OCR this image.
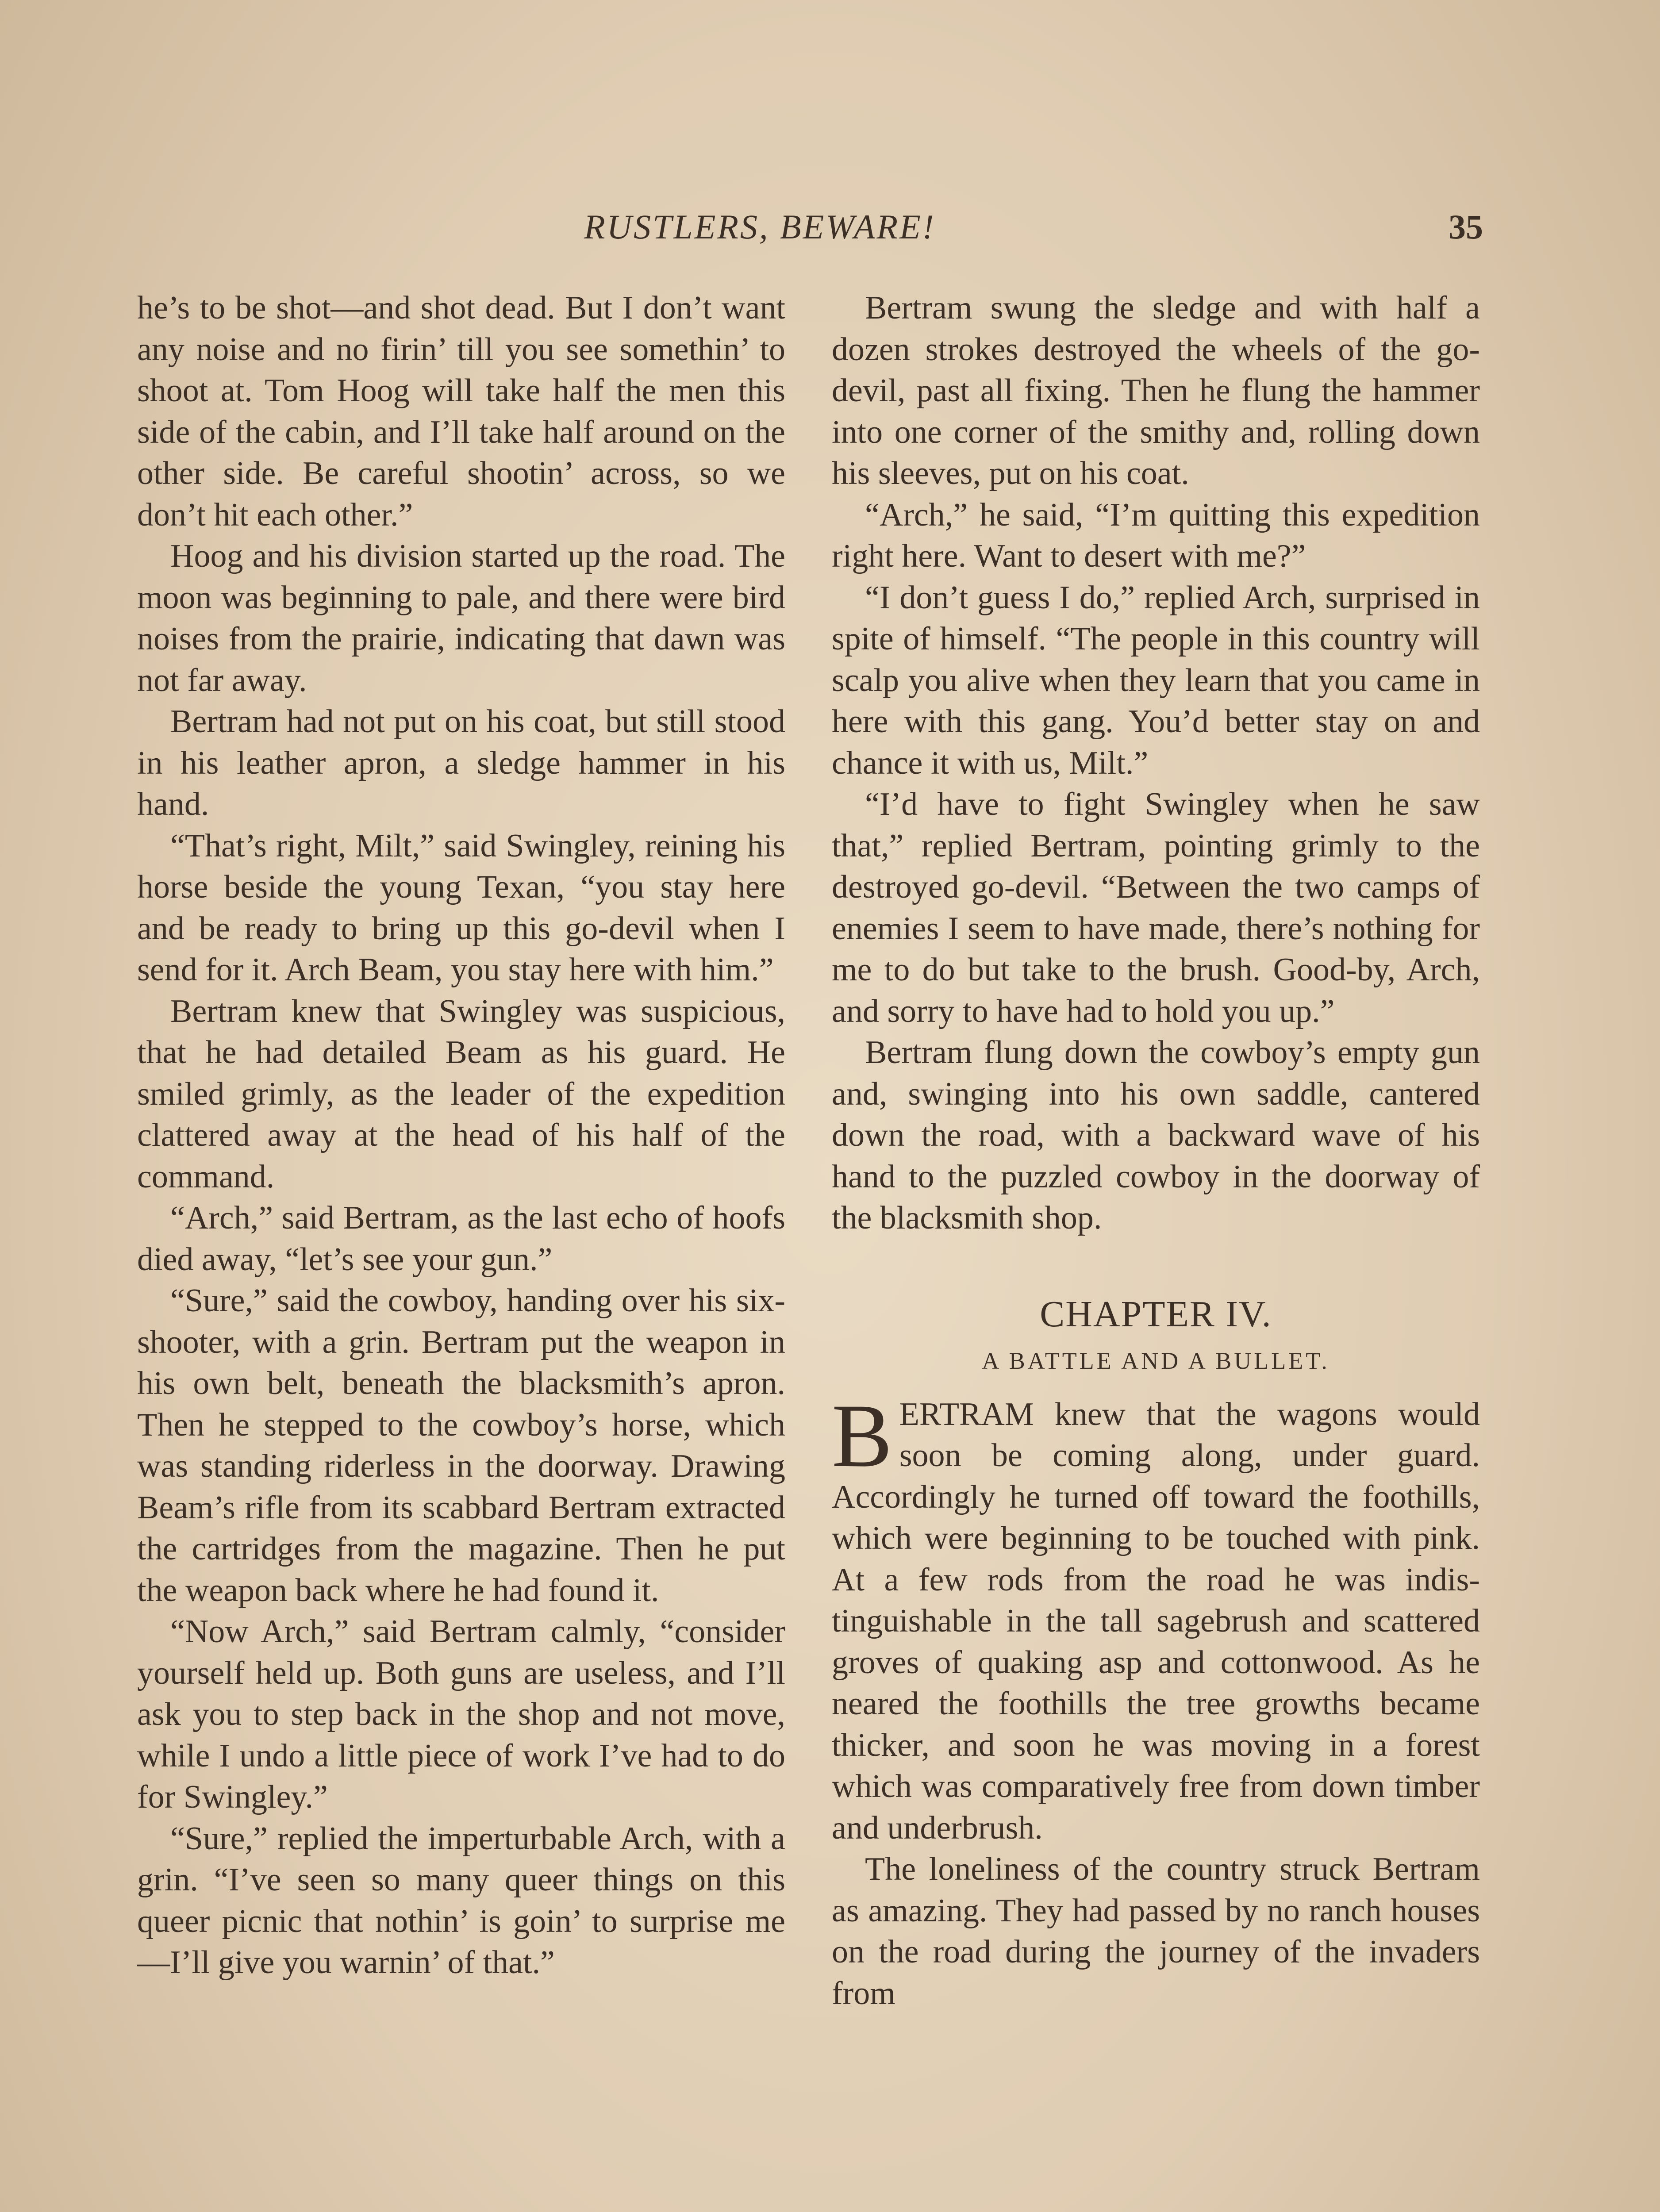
RUSTLERS, BEWARE!	35

he’s to be shot—and shot dead. But I don’t want any noise and no firin’ till you see somethin’ to shoot at. Tom Hoog will take half the men this side of the cabin, and I’ll take half around on the other side. Be careful shootin’ across, so we don’t hit each other.”

Hoog and his division started up the road. The moon was beginning to pale, and there were bird noises from the prairie, indicating that dawn was not far away.

Bertram had not put on his coat, but still stood in his leather apron, a sledge hammer in his hand.

“That’s right, Milt,” said Swingley, reining his horse beside the young Texan, “you stay here and be ready to bring up this go-devil when I send for it. Arch Beam, you stay here with him.”

Bertram knew that Swingley was suspicious, that he had detailed Beam as his guard. He smiled grimly, as the leader of the expedition clattered away at the head of his half of the command.

“Arch,” said Bertram, as the last echo of hoofs died away, “let’s see your gun.”

“Sure,” said the cowboy, handing over his six-shooter, with a grin. Bertram put the weapon in his own belt, beneath the blacksmith’s apron. Then he stepped to the cowboy’s horse, which was standing riderless in the doorway. Drawing Beam’s rifle from its scabbard Bertram extracted the cartridges from the magazine. Then he put the weapon back where he had found it.

“Now Arch,” said Bertram calmly, “consider yourself held up. Both guns are useless, and I’ll ask you to step back in the shop and not move, while I undo a little piece of work I’ve had to do for Swingley.”

“Sure,” replied the imperturbable Arch, with a grin. “I’ve seen so many queer things on this queer picnic that nothin’ is goin’ to surprise me—I’ll give you warnin’ of that.”

Bertram swung the sledge and with half a dozen strokes destroyed the wheels of the go-devil, past all fixing. Then he flung the hammer into one corner of the smithy and, rolling down his sleeves, put on his coat.

“Arch,” he said, “I’m quitting this expedition right here. Want to desert with me?”

“I don’t guess I do,” replied Arch, surprised in spite of himself. “The people in this country will scalp you alive when they learn that you came in here with this gang. You’d better stay on and chance it with us, Milt.”

“I’d have to fight Swingley when he saw that,” replied Bertram, pointing grimly to the destroyed go-devil. “Between the two camps of enemies I seem to have made, there’s nothing for me to do but take to the brush. Good-by, Arch, and sorry to have had to hold you up.”

Bertram flung down the cowboy’s empty gun and, swinging into his own saddle, cantered down the road, with a backward wave of his hand to the puzzled cowboy in the doorway of the blacksmith shop.

CHAPTER IV.
A BATTLE AND A BULLET.

BERTRAM knew that the wagons would soon be coming along, under guard. Accordingly he turned off toward the foothills, which were beginning to be touched with pink. At a few rods from the road he was indistinguishable in the tall sagebrush and scattered groves of quaking asp and cottonwood. As he neared the foothills the tree growths became thicker, and soon he was moving in a forest which was comparatively free from down timber and underbrush.

The loneliness of the country struck Bertram as amazing. They had passed by no ranch houses on the road during the journey of the invaders from
